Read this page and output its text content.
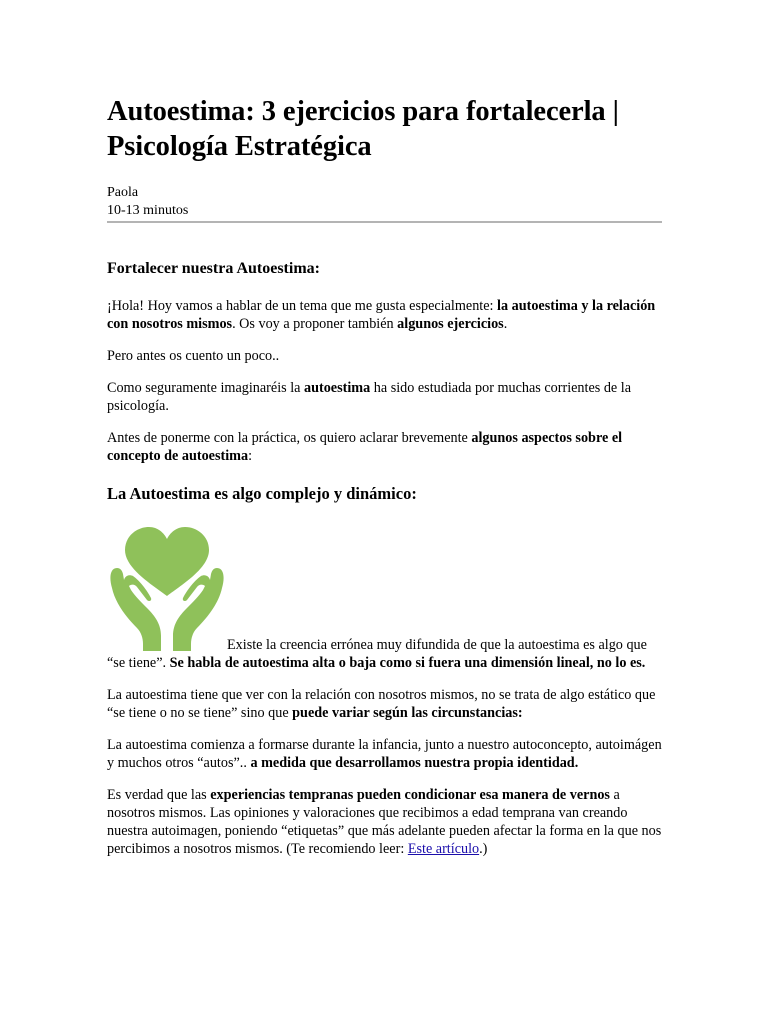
Autoestima: 3 ejercicios para fortalecerla | Psicología Estratégica
Paola
10-13 minutos
Fortalecer nuestra Autoestima:

¡Hola! Hoy vamos a hablar de un tema que me gusta especialmente: la autoestima y la relación con nosotros mismos. Os voy a proponer también algunos ejercicios.

Pero antes os cuento un poco..

Como seguramente imaginaréis la autoestima ha sido estudiada por muchas corrientes de la psicología.

Antes de ponerme con la práctica, os quiero aclarar brevemente algunos aspectos sobre el concepto de autoestima:

La Autoestima es algo complejo y dinámico:

Existe la creencia errónea muy difundida de que la autoestima es algo que “se tiene”. Se habla de autoestima alta o baja como si fuera una dimensión lineal, no lo es.

La autoestima tiene que ver con la relación con nosotros mismos, no se trata de algo estático que “se tiene o no se tiene” sino que puede variar según las circunstancias:

La autoestima comienza a formarse durante la infancia, junto a nuestro autoconcepto, autoimágen y muchos otros “autos”.. a medida que desarrollamos nuestra propia identidad.

Es verdad que las experiencias tempranas pueden condicionar esa manera de vernos a nosotros mismos. Las opiniones y valoraciones que recibimos a edad temprana van creando nuestra autoimagen, poniendo “etiquetas” que más adelante pueden afectar la forma en la que nos percibimos a nosotros mismos. (Te recomiendo leer: Este artículo.)
